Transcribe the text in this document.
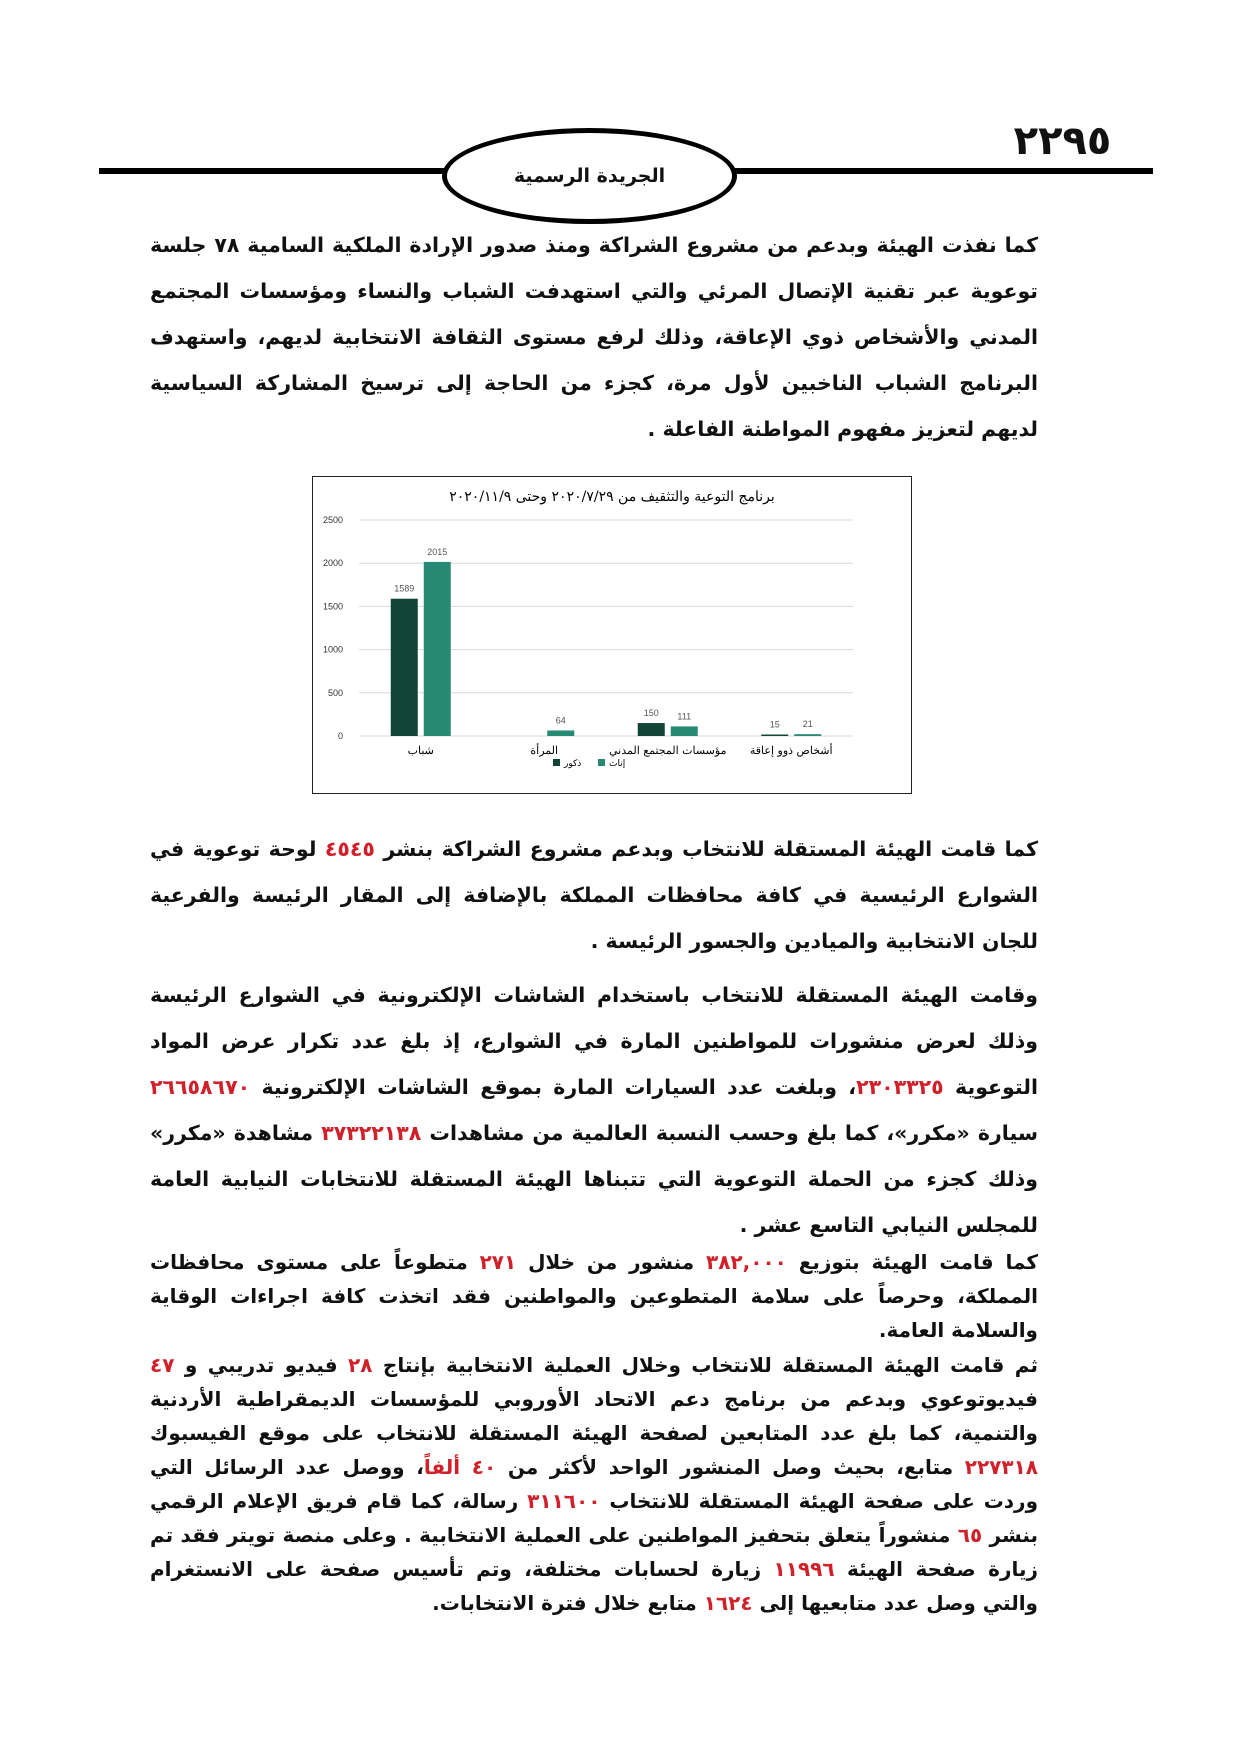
٢٢٩٥
الجريدة الرسمية

كما نفذت الهيئة وبدعم من مشروع الشراكة ومنذ صدور الإرادة الملكية السامية ٧٨ جلسة توعوية عبر تقنية الإتصال المرئي والتي استهدفت الشباب والنساء ومؤسسات المجتمع المدني والأشخاص ذوي الإعاقة، وذلك لرفع مستوى الثقافة الانتخابية لديهم، واستهدف البرنامج الشباب الناخبين لأول مرة، كجزء من الحاجة إلى ترسيخ المشاركة السياسية لديهم لتعزيز مفهوم المواطنة الفاعلة .

برنامج التوعية والتثقيف من ٢٠٢٠/٧/٢٩ وحتى ٢٠٢٠/١١/٩
0
500
1000
1500
2000
2500
1589
2015
شباب
64
المرأة
150 111
مؤسسات المجتمع المدني
15	21
أشخاص ذوو إعاقة
ذكور	إناث

كما قامت الهيئة المستقلة للانتخاب وبدعم مشروع الشراكة بنشر ٤٥٤٥ لوحة توعوية في الشوارع الرئيسية في كافة محافظات المملكة بالإضافة إلى المقار الرئيسة والفرعية للجان الانتخابية والميادين والجسور الرئيسة .

وقامت الهيئة المستقلة للانتخاب باستخدام الشاشات الإلكترونية في الشوارع الرئيسة وذلك لعرض منشورات للمواطنين المارة في الشوارع، إذ بلغ عدد تكرار عرض المواد التوعوية ٢٣٠٣٣٢٥، وبلغت عدد السيارات المارة بموقع الشاشات الإلكترونية ٢٦٦٥٨٦٧٠ سيارة «مكرر»، كما بلغ وحسب النسبة العالمية من مشاهدات ٣٧٣٢٢١٣٨ مشاهدة «مكرر» وذلك كجزء من الحملة التوعوية التي تتبناها الهيئة المستقلة للانتخابات النيابية العامة للمجلس النيابي التاسع عشر .

كما قامت الهيئة بتوزيع ٣٨٢,٠٠٠ منشور من خلال ٢٧١ متطوعاً على مستوى محافظات المملكة، وحرصاً على سلامة المتطوعين والمواطنين فقد اتخذت كافة اجراءات الوقاية والسلامة العامة.

ثم قامت الهيئة المستقلة للانتخاب وخلال العملية الانتخابية بإنتاج ٢٨ فيديو تدريبي و ٤٧ فيديوتوعوي وبدعم من برنامج دعم الاتحاد الأوروبي للمؤسسات الديمقراطية الأردنية والتنمية، كما بلغ عدد المتابعين لصفحة الهيئة المستقلة للانتخاب على موقع الفيسبوك ٢٢٧٣١٨ متابع، بحيث وصل المنشور الواحد لأكثر من ٤٠ ألفاً، ووصل عدد الرسائل التي وردت على صفحة الهيئة المستقلة للانتخاب ٣١١٦٠٠ رسالة، كما قام فريق الإعلام الرقمي بنشر ٦٥ منشوراً يتعلق بتحفيز المواطنين على العملية الانتخابية . وعلى منصة تويتر فقد تم زيارة صفحة الهيئة ١١٩٩٦ زيارة لحسابات مختلفة، وتم تأسيس صفحة على الانستغرام والتي وصل عدد متابعيها إلى ١٦٢٤ متابع خلال فترة الانتخابات.
